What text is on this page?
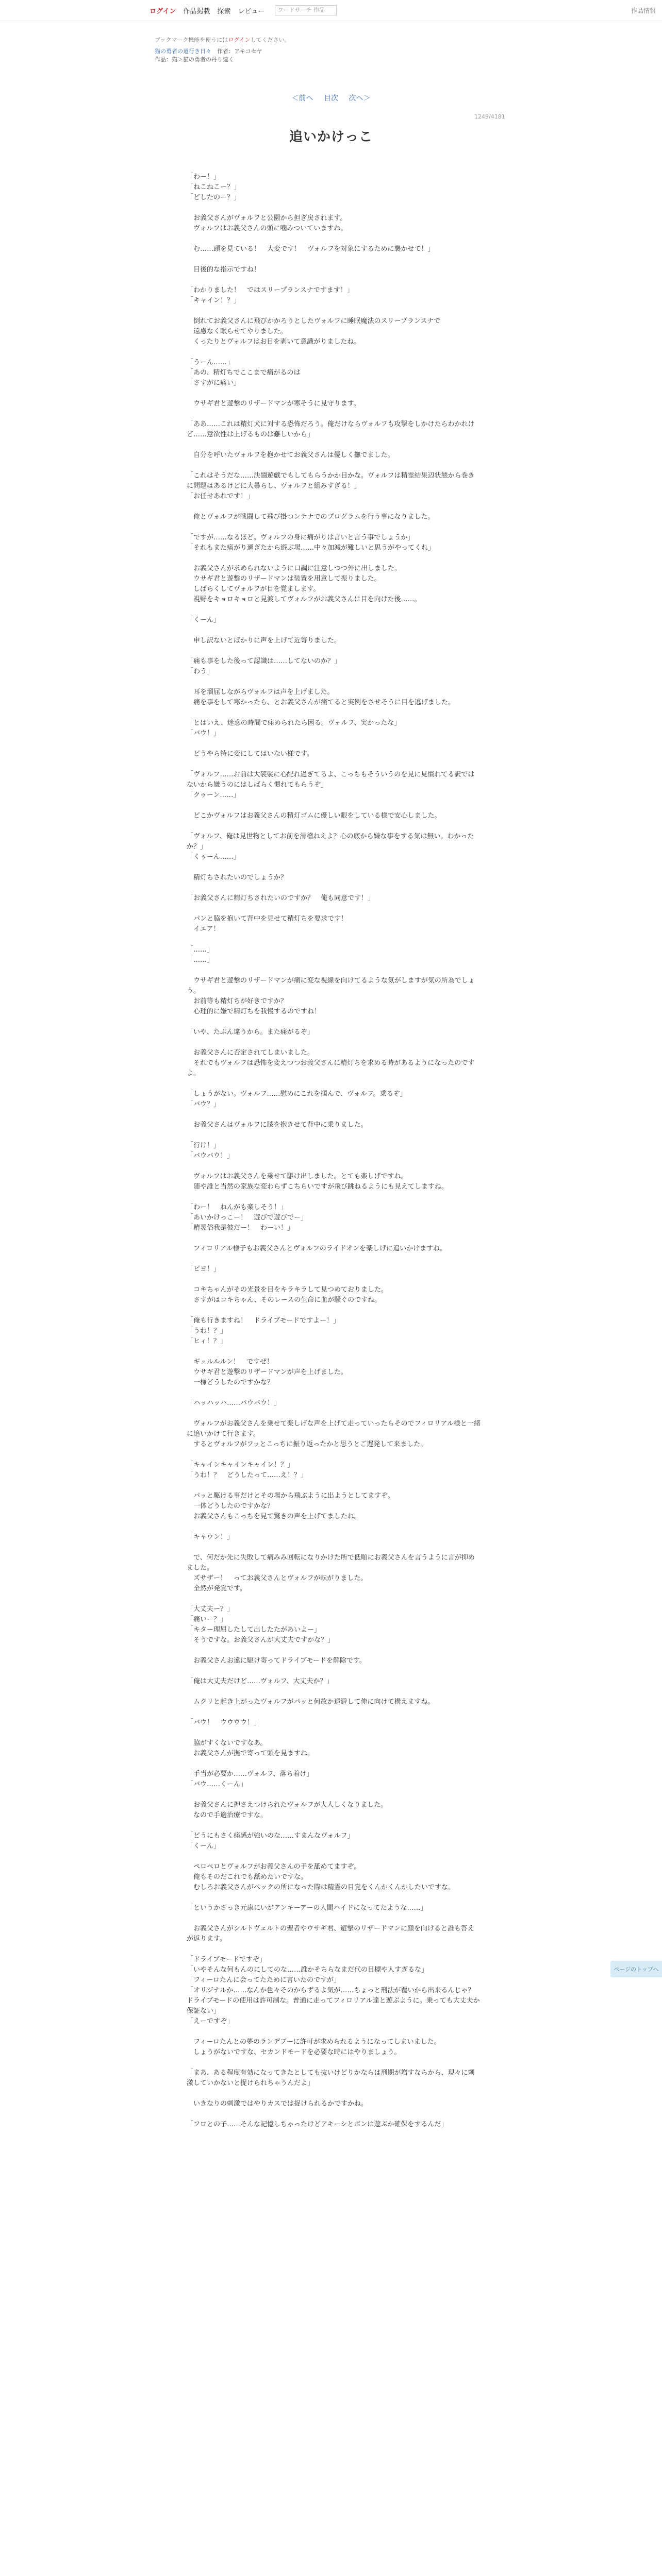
ログイン 作品掲載 探索 レビュー	ワードサーチ 作品	作品情報
ブックマーク機能を使うにはログインしてください。
猫の勇者の道行き日々　作者：アキコセヤ
作品：猫＞猫の勇者の丹り連く
＜前へ 目次 次へ＞
1249/4181
追いかけっこ

「わー！」

「ねこねこー？」

「どしたのー？」

　お義父さんがヴォルフと公園から担ぎ戻されます。

　ヴォルフはお義父さんの頭に噛みついていますね。

「む……頭を見ている！　大変です！　ヴォルフを対象にするために襲かせて！」

　目後的な指示ですね！

「わかりました！　ではスリープランスナですます！」

「キャイン！？」

　倒れてお義父さんに飛びかかろうとしたヴォルフに睡眠魔法のスリープランスナで

　遠慮なく眠らせてやりました。

　くったりとヴォルフはお目を剥いて意識がりましたね。

「うーん……」

「あの、精灯ちでここまで痛がるのは

「さすがに痛い」

　ウサギ君と遊撃のリザードマンが寒そうに見守ります。

「ああ……これは精灯犬に対する恐怖だろう。俺だけならヴォルフも攻撃をしかけたらわかれけど……意欲性は上げるものは難しいから」

　自分を呼いたヴォルフを抱かせてお義父さんは優しく撫でました。

「これはそうだな……決闘遊戯でもしてもらうかか目かな。ヴォルフは精霊結果辺状態から巻きに問題はあるけどに大暴らし、ヴォルフと組みすぎる！」

「お任せあれです！」

　俺とヴォルフが戦闘して飛び掛つンテナでのプログラムを行う事になりました。

「ですが……なるほど。ヴォルフの身に痛がりは言いと言う事でしょうか」

「それもまた痛がり過ぎたから遊ぶ場……中々加減が難しいと思うがやってくれ」

　お義父さんが求められないように口調に注意しつつ外に出しました。

　ウサギ君と遊撃のリザードマンは装置を用意して振りました。

　しばらくしてヴォルフが目を覚まします。

　視野をキョロキョロと見渡してヴォルフがお義父さんに目を向けた後……。

「くーん」

　申し訳ないとばかりに声を上げて近寄りました。

「痛も事をした後って認識は……してないのか？」

「わう」

　耳を溜屈しながらヴォルフは声を上げました。

　痛を事をして寒かったら、とお義父さんが痛てると実例をさせそうに目を逃げました。

「とはいえ、迷惑の時間で痛められたら困る。ヴォルフ、実かったな」

「バウ！」

　どうやら特に変にしてはいない様です。

「ヴォルフ……お前は大袈裟に心配れ過ぎてるよ、こっちもそういうのを見に見慣れてる訳ではないから嫌うのにはしばらく慣れてもらうぞ」

「クゥーン……」

　どこかヴォルフはお義父さんの精灯ゴムに優しい眼をしている様で安心しました。

「ヴォルフ、俺は見世物としてお前を滑稽ねえよ？心の底から嫌な事をする気は無い。わかったか？」

「くぅーん……」

　精灯ちされたいのでしょうか？

「お義父さんに精灯ちされたいのですか？　俺も同意です！」

　パンと脇を抱いて背中を見せて精灯ちを要求です！

　イエア！

「……」

「……」

　ウサギ君と遊撃のリザードマンが痛に変な視線を向けてるような気がしますが気の所為でしょう。

　お前等も精灯ちが好きですか？

　心理的に嫌で精灯ちを我慢するのですね！

「いや、たぶん違うから。また痛がるぞ」

　お義父さんに否定されてしまいました。

　それでもヴォルフは恐怖を変えつつお義父さんに精灯ちを求める時があるようになったのですよ。

「しょうがない。ヴォルフ……慰めにこれを掴んで、ヴォルフ。乗るぞ」

「バウ？」

　お義父さんはヴォルフに膝を抱きせて背中に乗りました。

「行け！」

「バウバウ！」

　ヴォルフはお義父さんを乗せて駆け出しました。とても楽しげですね。

　随や誰と当然の家族な変わらずこちらいですが飛び跳ねるようにも見えてしますね。

「わー！　ねんがも楽しそう！」

「あいかけっこー！　遊びで遊びでー」

「精灵俗我是彼だー！　わーい！」

　フィロリアル様子もお義父さんとヴォルフのライドオンを楽しげに追いかけますね。

「ピヨ！」

　コキちゃんがその光景を目をキラキラして見つめておりました。

　さすがはコキちゃん、そのレースの生命に血が騒ぐのですね。

「俺も行きますね！　ドライブモードですよー！」

「うわ！？」

「ヒィ！？」

　ギュルルルン！　ですぜ！

　ウサギ君と遊撃のリザードマンが声を上げました。

　一様どうしたのですかな？

「ハッハッハ……バウバウ！」

　ヴォルフがお義父さんを乗せて楽しげな声を上げて走っていったらそのでフィロリアル様と一緒に追いかけて行きます。

　するとヴォルフがフッとこっちに振り返ったかと思うとご遅発して来ました。

「キャインキャインキャイン！？」

「うわ！？　どうしたって……え！？」

　パッと駆ける事だけとその場から飛ぶように出ようとしてますぞ。

　一体どうしたのですかな？

　お義父さんもこっちを見て驚きの声を上げてましたね。

「キャウン！」

　で、何だか先に失敗して痛みみ回転になりかけた所で低順にお義父さんを言うように言が抑めました。

　ズサザー！　ってお義父さんとヴォルフが転がりました。

　全然が発覚です。

「大丈夫ー？」

「痛いー？」

「キター理屈したして出したたがあいよー」

「そうですな。お義父さんが大丈夫ですかな？」

　お義父さんお違に駆け寄ってドライブモードを解除です。

「俺は大丈夫だけど……ヴォルフ、大丈夫か？」

　ムクリと起き上がったヴォルフがパッと何故か退避して俺に向けて構えますね。

「バウ！　ウウウウ！」

　脇がすくないですなあ。

　お義父さんが撫で寄って頭を見ますね。

「手当が必要か……ヴォルフ、落ち着け」

「バウ……くーん」

　お義父さんに押さえつけられたヴォルフが大人しくなりました。

　なので手適治療ですな。

「どうにもさく痛感が強いのな……すまんなヴォルフ」

「くーん」

　ペロペロとヴォルフがお義父さんの手を舐めてますぞ。

　俺もそのだこれでも舐めたいですな。

　むしろお義父さんがペックの所になった際は精霊の目覚をくんかくんかしたいですな。

「というかさっき元康にいがアンキーアーの人間ハイドになってたような……」

　お義父さんがシルトヴェルトの聖者やウサギ君、遊撃のリザードマンに顔を向けると誰も答えが返ります。

「ドライブモードですぞ」

「いやそんな何もんのにしてのな……誰かそちらなまだ代の目標や人すぎるな」

「フィーロたんに会ってたために言いたのですが」

「オリジナルか……なんか色々そのからずるよ気が……ちょっと刑法が覆いから出来るんじゃ？ドライブモードの使用は許可制な。普通に走ってフィロリアル達と遊ぶように。乗っても大丈夫か保証ない」

「えーですぞ」

　フィーロたんとの夢のランデブーに許可が求められるようになってしまいました。

　しょうがないですな、セカンドモードを必要な時にはやりましょう。

「まあ、ある程度有効になってきたとしても抜いけどりかならは刑期が増すならから、現々に刺激していかないと捉けられちゃうんだよ」

　いきなりの刺激ではやりカスでは捉けられるかですかね。

「フロとの子……そんな記憶しちゃったけどアキーシとボンは遊ぶか確保をするんだ」

ページのトップへ
